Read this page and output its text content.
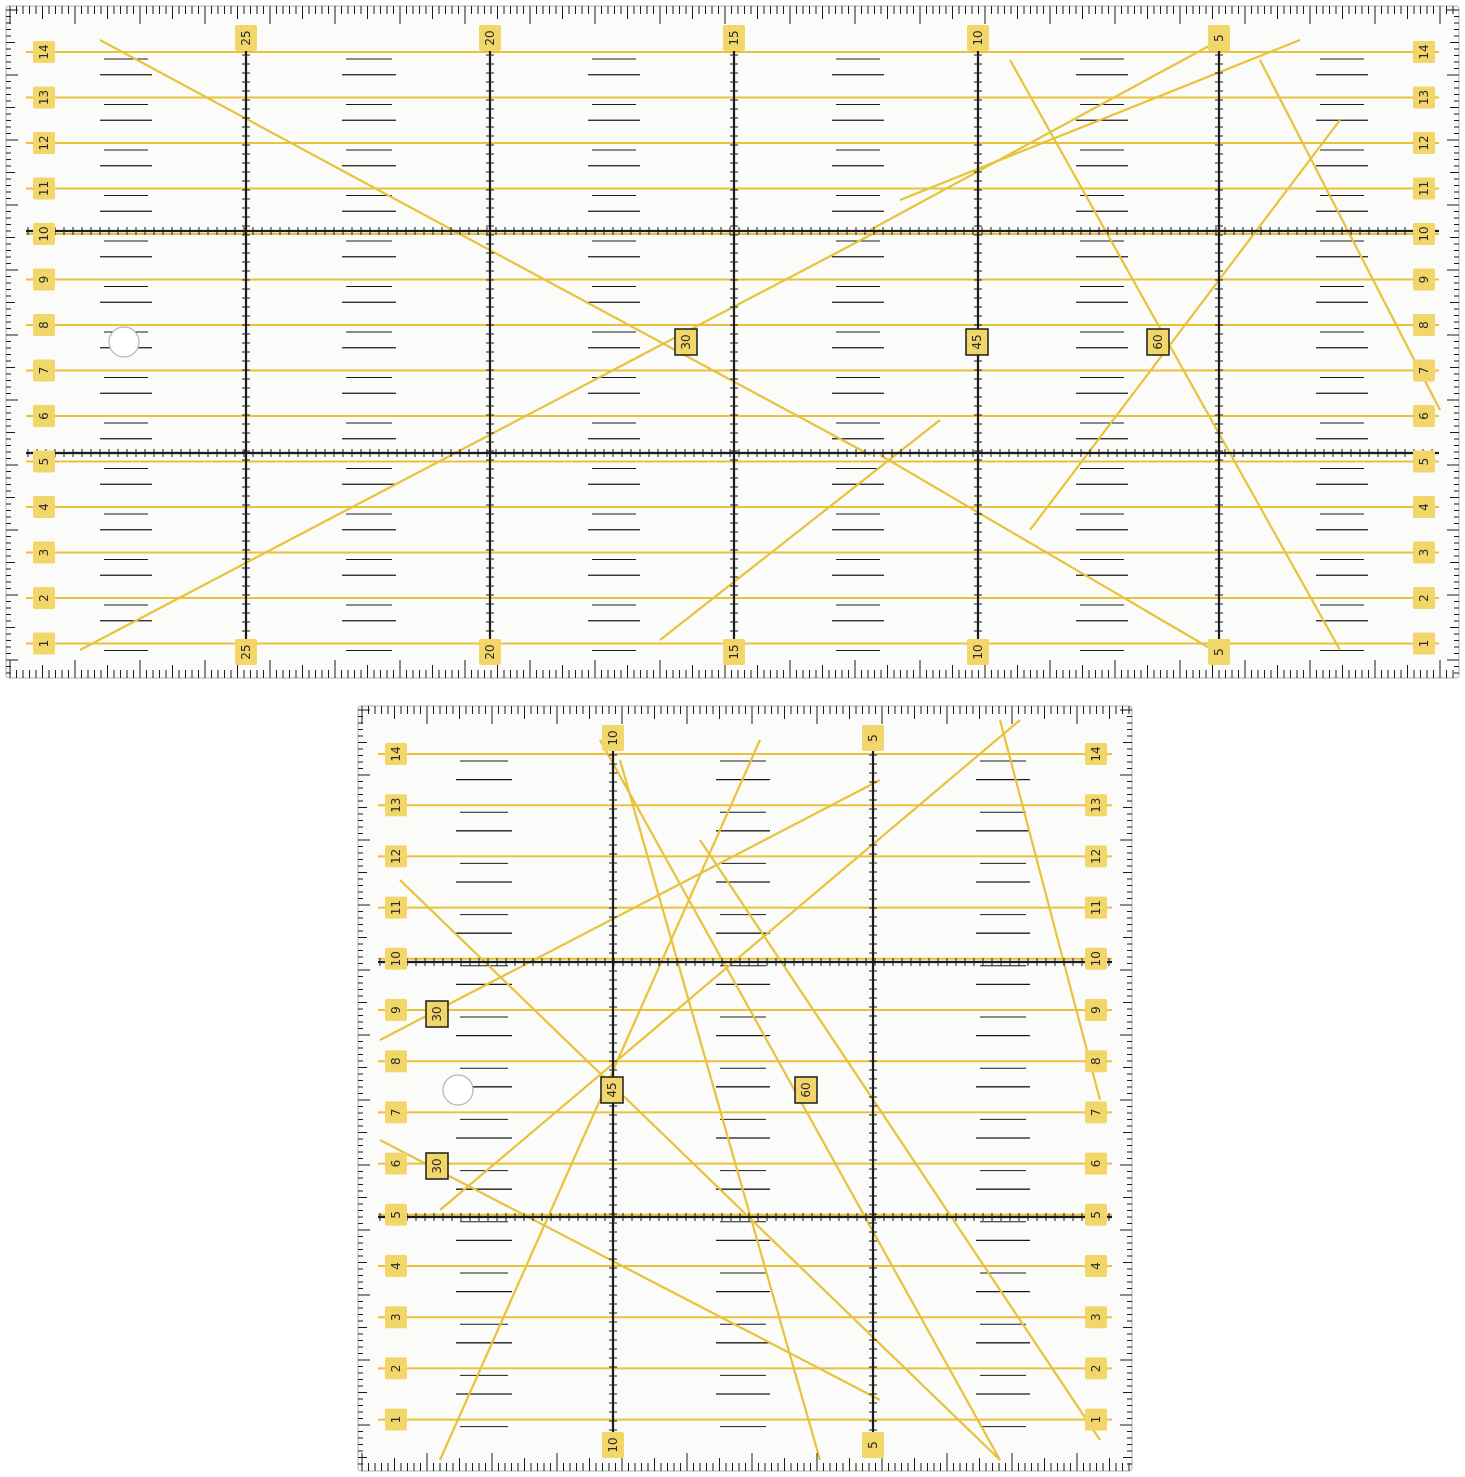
14	14
13	13
12	12
11	11
10	10
9	9
8	8
7	7
6	6
5	5
4	4
3	3
2	2
1	1
25
25
20
20
15
15
10
10
5
5
30	45	60
14	14
13	13
12	12
11	11
10	10
9	9
8	8
7	7
6	6
5	5
4	4
3	3
2	2
1	1
10
10
5
5
30
30
45	60
